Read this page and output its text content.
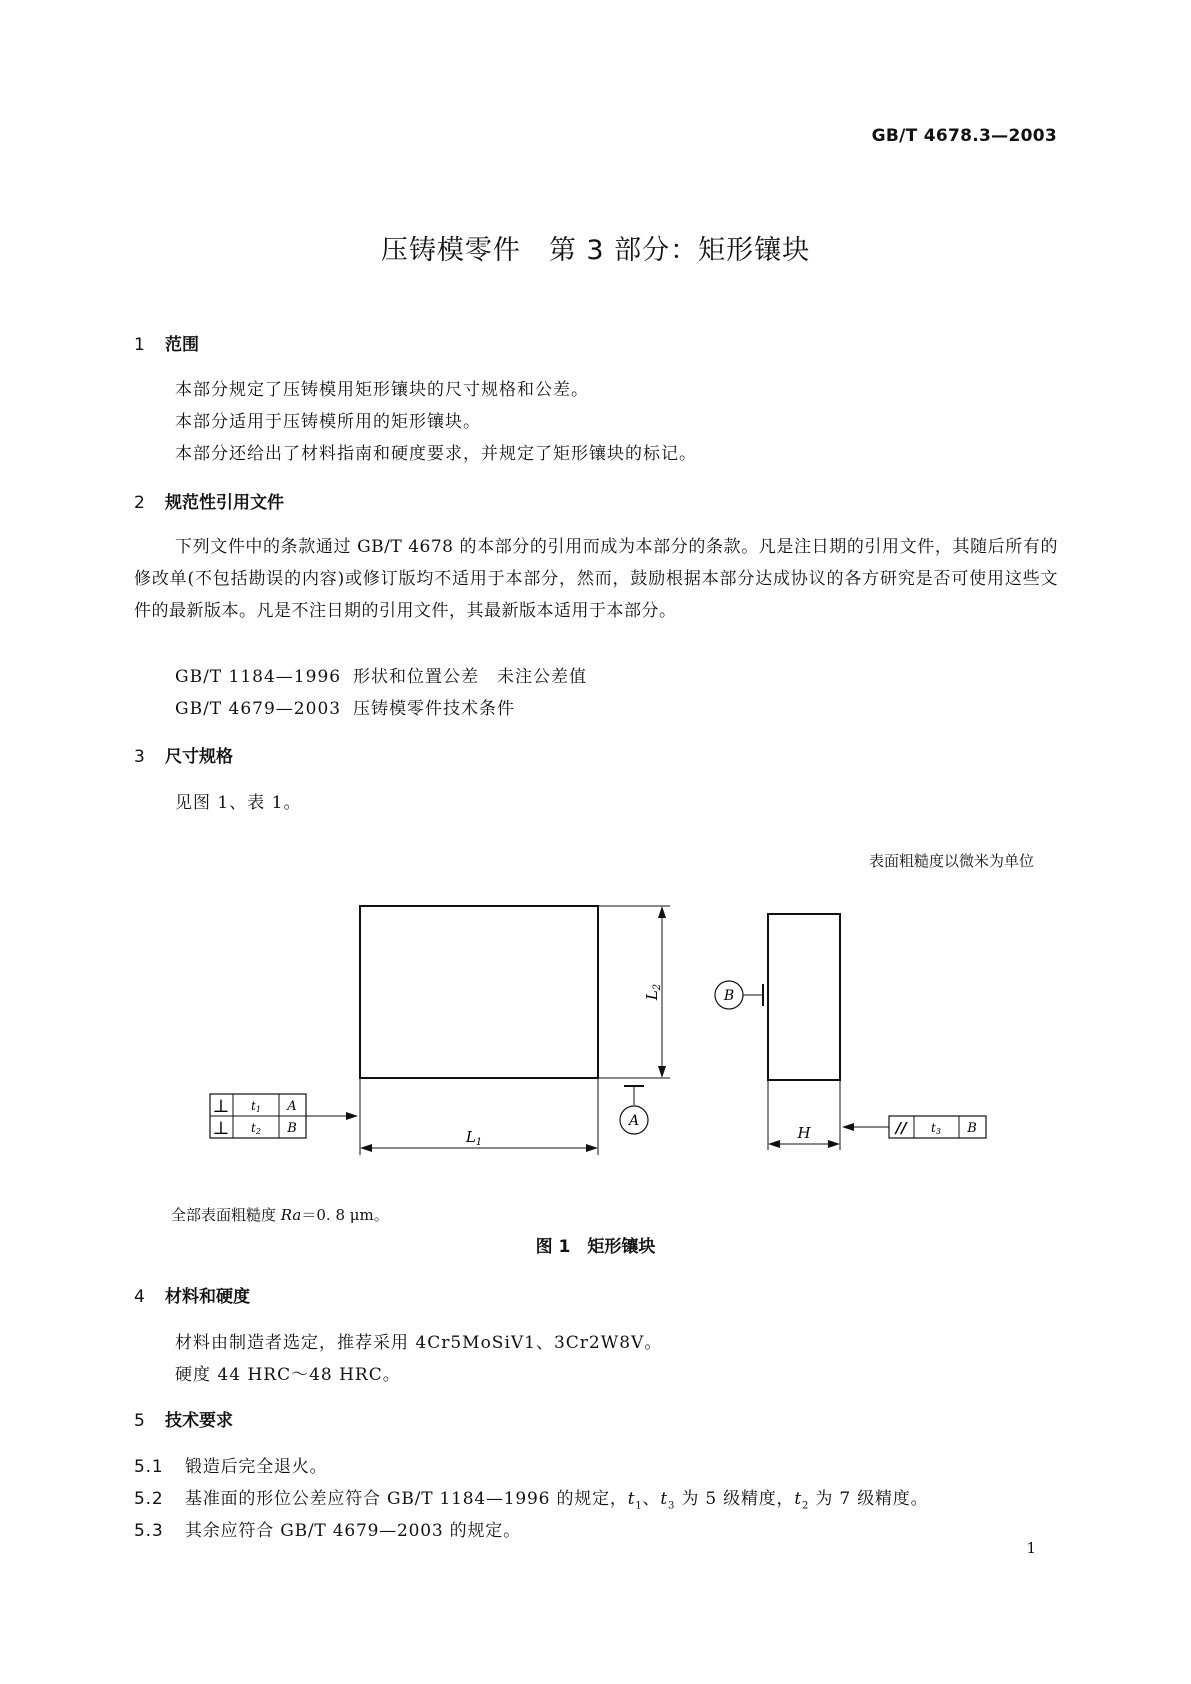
GB/T 4678.3—2003
压铸模零件　第 3 部分：矩形镶块
1 范围
本部分规定了压铸模用矩形镶块的尺寸规格和公差。
本部分适用于压铸模所用的矩形镶块。
本部分还给出了材料指南和硬度要求，并规定了矩形镶块的标记。
2 规范性引用文件
下列文件中的条款通过 GB/T 4678 的本部分的引用而成为本部分的条款。凡是注日期的引用文件，其随后所有的修改单(不包括勘误的内容)或修订版均不适用于本部分，然而，鼓励根据本部分达成协议的各方研究是否可使用这些文件的最新版本。凡是不注日期的引用文件，其最新版本适用于本部分。
GB/T 1184—1996 形状和位置公差　未注公差值
GB/T 4679—2003 压铸模零件技术条件
3 尺寸规格
见图 1、表 1。
表面粗糙度以微米为单位
$L_1$
$L_2$
H
A
B
⊥ t1 A
⊥ t2 B	// t3 B
全部表面粗糙度 Ra＝0. 8 μm。
图 1　矩形镶块
4 材料和硬度
材料由制造者选定，推荐采用 4Cr5MoSiV1、3Cr2W8V。
硬度 44 HRC～48 HRC。
5 技术要求
5.1 锻造后完全退火。
5.2 基准面的形位公差应符合 GB/T 1184—1996 的规定，$t_1$、$t_3$ 为 5 级精度，$t_2$ 为 7 级精度。
5.3 其余应符合 GB/T 4679—2003 的规定。
1
